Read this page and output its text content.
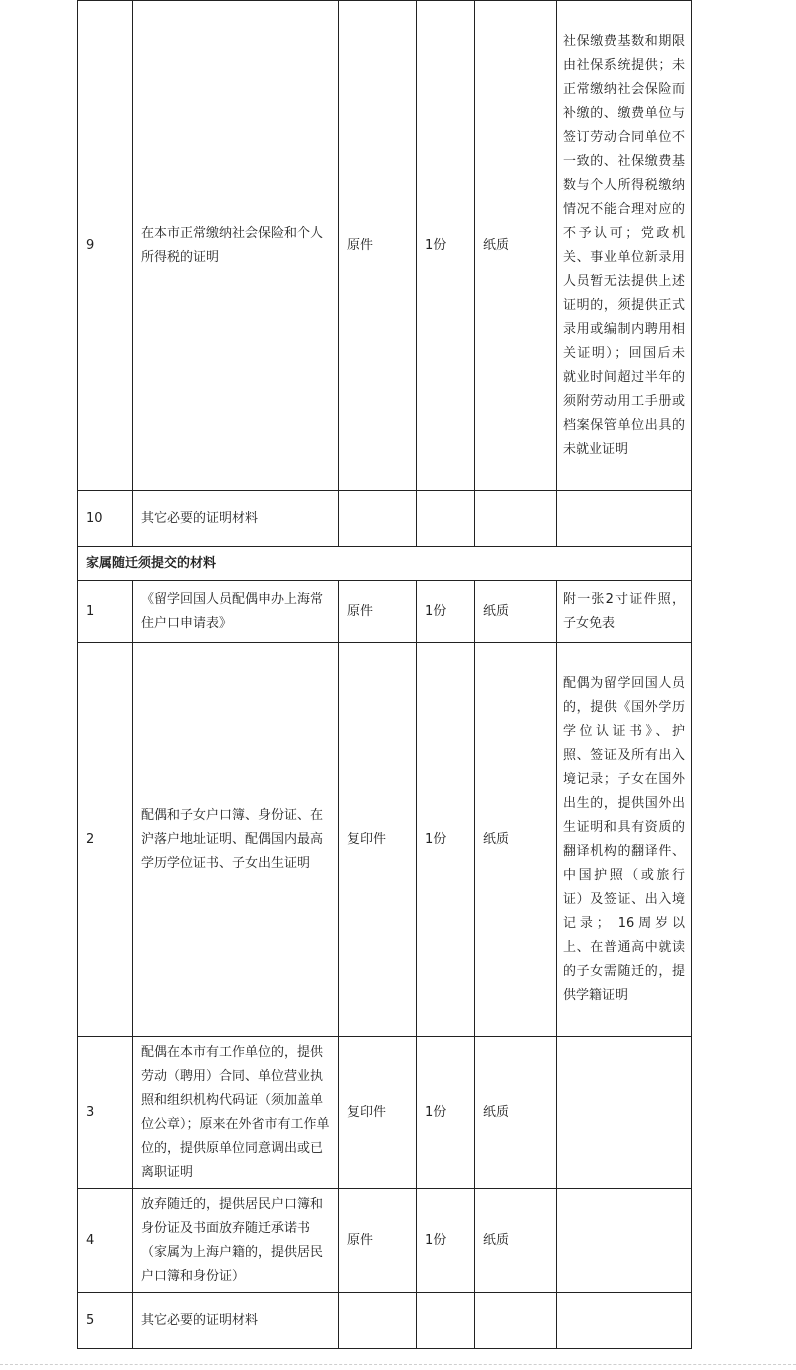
9	在本市正常缴纳社会保险和个人所得税的证明	原件	1份	纸质	社保缴费基数和期限由社保系统提供；未正常缴纳社会保险而补缴的、缴费单位与签订劳动合同单位不一致的、社保缴费基数与个人所得税缴纳情况不能合理对应的不予认可；党政机关、事业单位新录用人员暂无法提供上述证明的，须提供正式录用或编制内聘用相关证明）；回国后未就业时间超过半年的须附劳动用工手册或档案保管单位出具的未就业证明
10	其它必要的证明材料				
家属随迁须提交的材料					
1	《留学回国人员配偶申办上海常住户口申请表》	原件	1份	纸质	附一张2寸证件照，子女免表
2	配偶和子女户口簿、身份证、在沪落户地址证明、配偶国内最高学历学位证书、子女出生证明	复印件	1份	纸质	配偶为留学回国人员的，提供《国外学历学位认证书》、护照、签证及所有出入境记录；子女在国外出生的，提供国外出生证明和具有资质的翻译机构的翻译件、中国护照（或旅行证）及签证、出入境记录； 16周岁以上、在普通高中就读的子女需随迁的，提供学籍证明
3	配偶在本市有工作单位的，提供劳动（聘用）合同、单位营业执照和组织机构代码证（须加盖单位公章）；原来在外省市有工作单位的，提供原单位同意调出或已离职证明	复印件	1份	纸质	
4	放弃随迁的，提供居民户口簿和身份证及书面放弃随迁承诺书（家属为上海户籍的，提供居民户口簿和身份证）	原件	1份	纸质	
5	其它必要的证明材料				
